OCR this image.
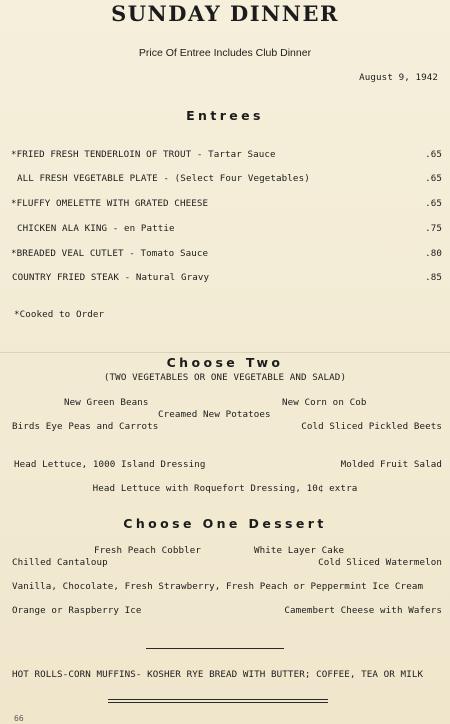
SUNDAY DINNER
Price Of Entree Includes Club Dinner
August 9, 1942
Entrees
*FRIED FRESH TENDERLOIN OF TROUT - Tartar Sauce	.65
ALL FRESH VEGETABLE PLATE - (Select Four Vegetables)	.65
*FLUFFY OMELETTE WITH GRATED CHEESE	.65
CHICKEN ALA KING - en Pattie	.75
*BREADED VEAL CUTLET - Tomato Sauce	.80
COUNTRY FRIED STEAK - Natural Gravy	.85
*Cooked to Order
Choose Two
(TWO VEGETABLES OR ONE VEGETABLE AND SALAD)
New Green Beans	New Corn on Cob
Creamed New Potatoes
Birds Eye Peas and Carrots	Cold Sliced Pickled Beets
Head Lettuce, 1000 Island Dressing	Molded Fruit Salad
Head Lettuce with Roquefort Dressing, 10¢ extra
Choose One Dessert
Fresh Peach Cobbler	White Layer Cake
Chilled Cantaloup	Cold Sliced Watermelon
Vanilla, Chocolate, Fresh Strawberry, Fresh Peach or Peppermint Ice Cream
Orange or Raspberry Ice	Camembert Cheese with Wafers
HOT ROLLS-CORN MUFFINS- KOSHER RYE BREAD WITH BUTTER; COFFEE, TEA OR MILK
66
